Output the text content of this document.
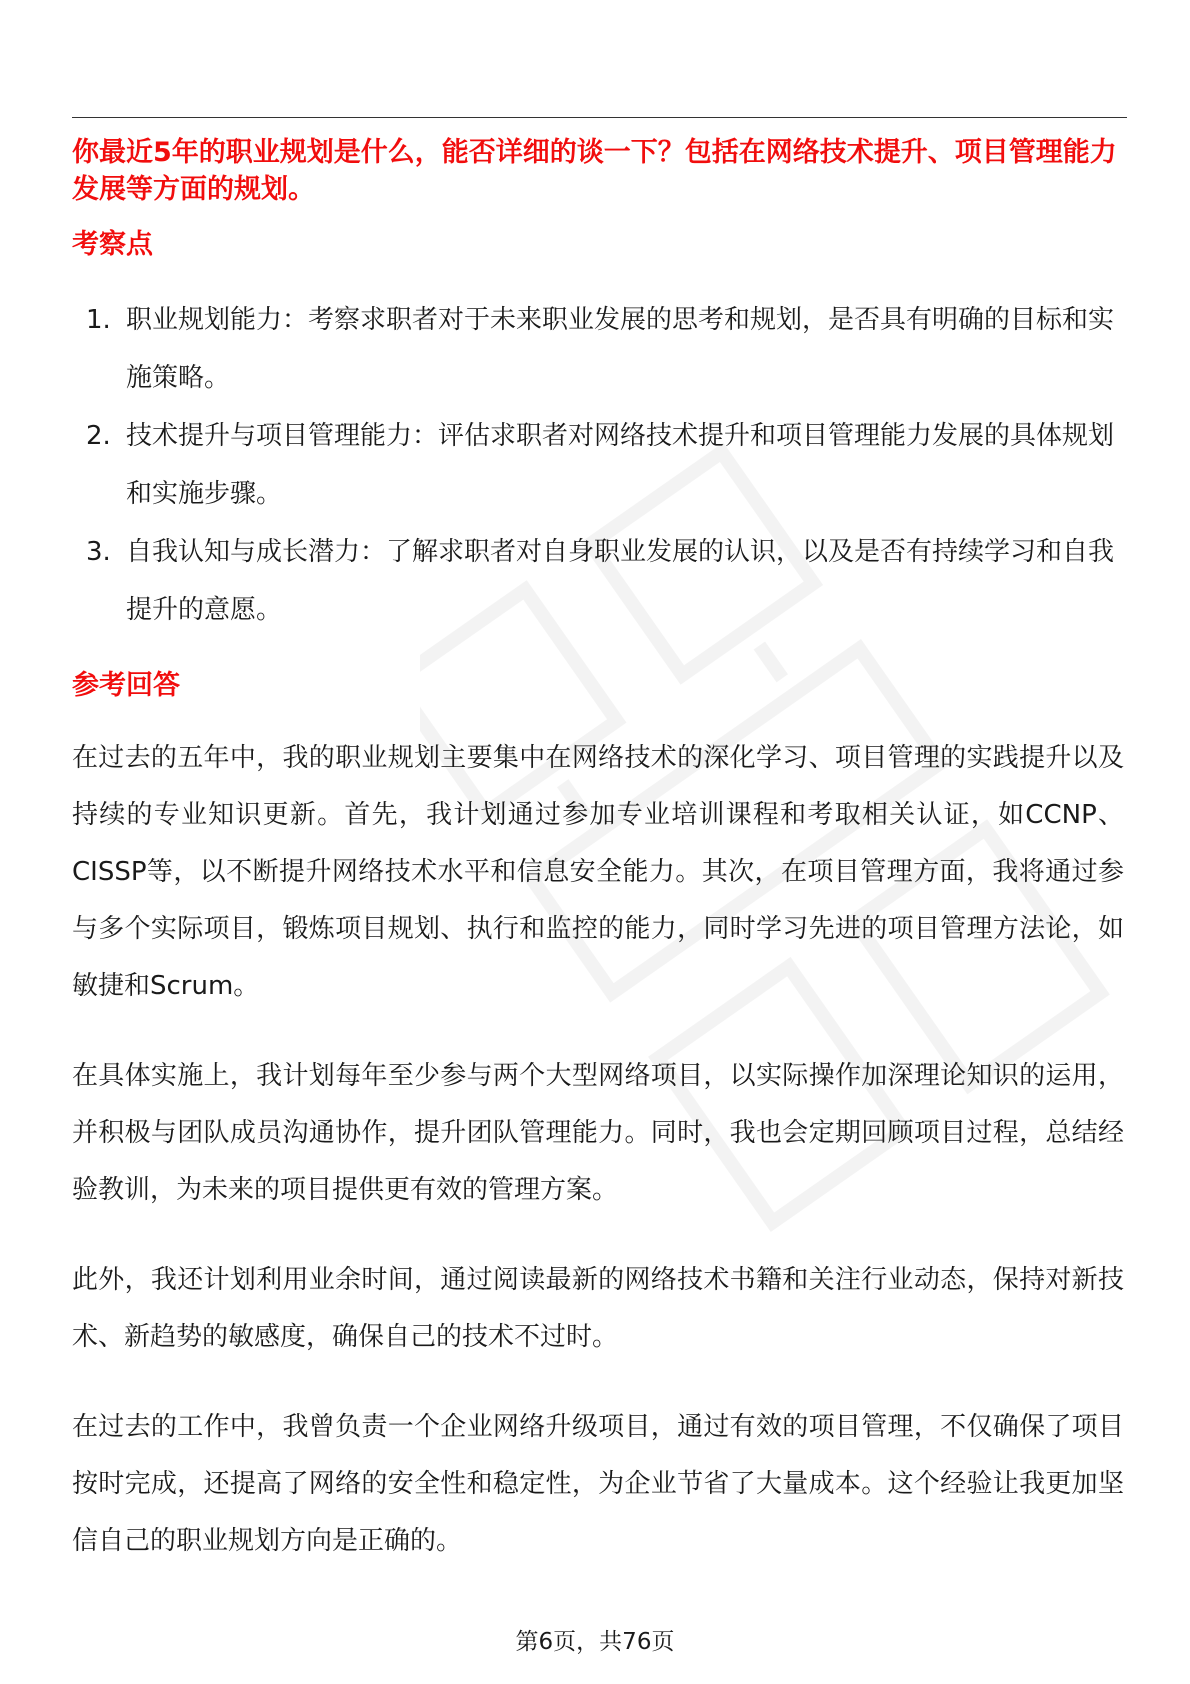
你最近5年的职业规划是什么，能否详细的谈一下？包括在网络技术提升、项目管理能力发展等方面的规划。

考察点
1. 职业规划能力：考察求职者对于未来职业发展的思考和规划，是否具有明确的目标和实施策略。
2. 技术提升与项目管理能力：评估求职者对网络技术提升和项目管理能力发展的具体规划和实施步骤。
3. 自我认知与成长潜力：了解求职者对自身职业发展的认识，以及是否有持续学习和自我提升的意愿。
参考回答

在过去的五年中，我的职业规划主要集中在网络技术的深化学习、项目管理的实践提升以及持续的专业知识更新。首先，我计划通过参加专业培训课程和考取相关认证，如CCNP、CISSP等，以不断提升网络技术水平和信息安全能力。其次，在项目管理方面，我将通过参与多个实际项目，锻炼项目规划、执行和监控的能力，同时学习先进的项目管理方法论，如敏捷和Scrum。

在具体实施上，我计划每年至少参与两个大型网络项目，以实际操作加深理论知识的运用，并积极与团队成员沟通协作，提升团队管理能力。同时，我也会定期回顾项目过程，总结经验教训，为未来的项目提供更有效的管理方案。

此外，我还计划利用业余时间，通过阅读最新的网络技术书籍和关注行业动态，保持对新技术、新趋势的敏感度，确保自己的技术不过时。

在过去的工作中，我曾负责一个企业网络升级项目，通过有效的项目管理，不仅确保了项目按时完成，还提高了网络的安全性和稳定性，为企业节省了大量成本。这个经验让我更加坚信自己的职业规划方向是正确的。

第6页，共76页
